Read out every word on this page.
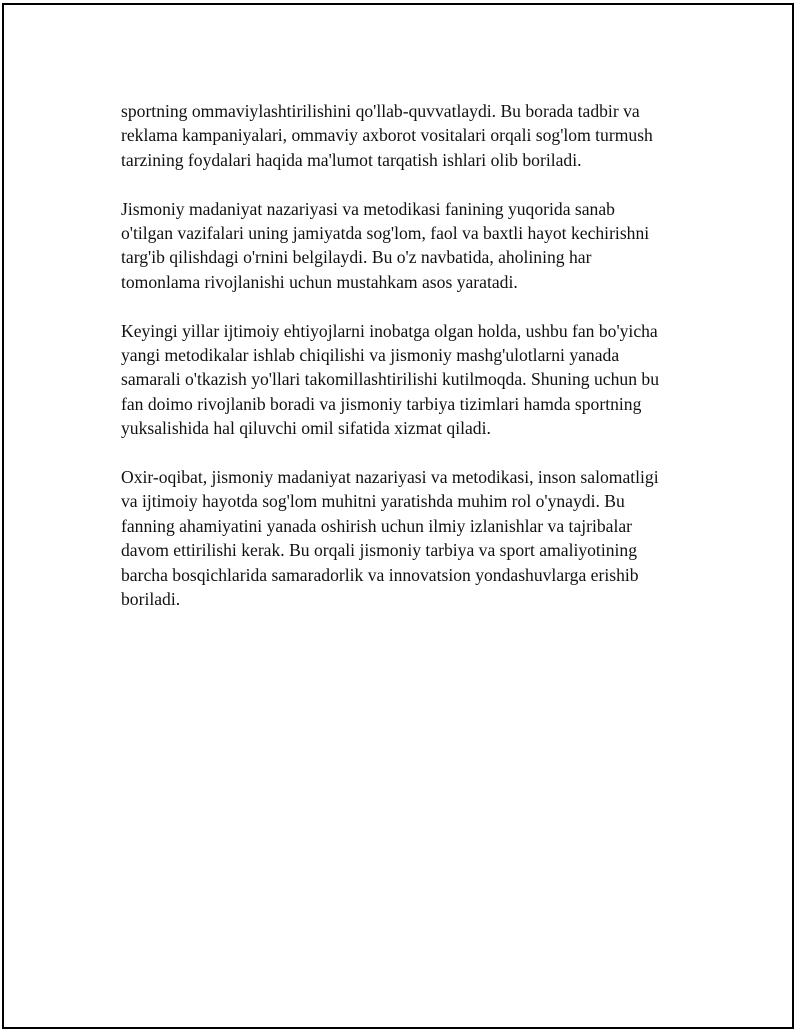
sportning ommaviylashtirilishini qo'llab-quvvatlaydi. Bu borada tadbir va
reklama kampaniyalari, ommaviy axborot vositalari orqali sog'lom turmush
tarzining foydalari haqida ma'lumot tarqatish ishlari olib boriladi.

Jismoniy madaniyat nazariyasi va metodikasi fanining yuqorida sanab
o'tilgan vazifalari uning jamiyatda sog'lom, faol va baxtli hayot kechirishni
targ'ib qilishdagi o'rnini belgilaydi. Bu o'z navbatida, aholining har
tomonlama rivojlanishi uchun mustahkam asos yaratadi.

Keyingi yillar ijtimoiy ehtiyojlarni inobatga olgan holda, ushbu fan bo'yicha
yangi metodikalar ishlab chiqilishi va jismoniy mashg'ulotlarni yanada
samarali o'tkazish yo'llari takomillashtirilishi kutilmoqda. Shuning uchun bu
fan doimo rivojlanib boradi va jismoniy tarbiya tizimlari hamda sportning
yuksalishida hal qiluvchi omil sifatida xizmat qiladi.

Oxir-oqibat, jismoniy madaniyat nazariyasi va metodikasi, inson salomatligi
va ijtimoiy hayotda sog'lom muhitni yaratishda muhim rol o'ynaydi. Bu
fanning ahamiyatini yanada oshirish uchun ilmiy izlanishlar va tajribalar
davom ettirilishi kerak. Bu orqali jismoniy tarbiya va sport amaliyotining
barcha bosqichlarida samaradorlik va innovatsion yondashuvlarga erishib
boriladi.
